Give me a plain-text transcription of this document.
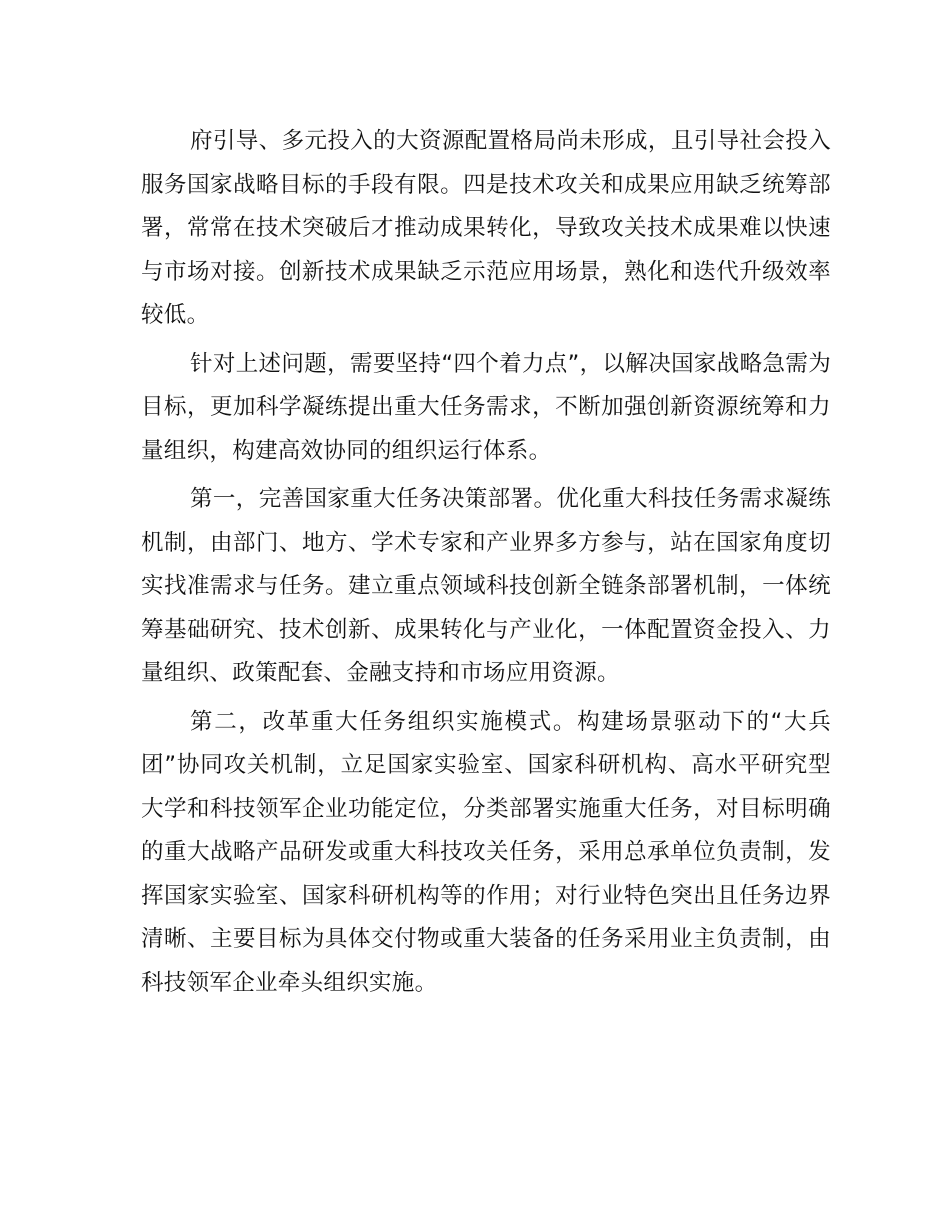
府引导、多元投入的大资源配置格局尚未形成，且引导社会投入服务国家战略目标的手段有限。四是技术攻关和成果应用缺乏统筹部署，常常在技术突破后才推动成果转化，导致攻关技术成果难以快速与市场对接。创新技术成果缺乏示范应用场景，熟化和迭代升级效率较低。

针对上述问题，需要坚持“四个着力点”，以解决国家战略急需为目标，更加科学凝练提出重大任务需求，不断加强创新资源统筹和力量组织，构建高效协同的组织运行体系。

第一，完善国家重大任务决策部署。优化重大科技任务需求凝练机制，由部门、地方、学术专家和产业界多方参与，站在国家角度切实找准需求与任务。建立重点领域科技创新全链条部署机制，一体统筹基础研究、技术创新、成果转化与产业化，一体配置资金投入、力量组织、政策配套、金融支持和市场应用资源。

第二，改革重大任务组织实施模式。构建场景驱动下的“大兵团”协同攻关机制，立足国家实验室、国家科研机构、高水平研究型大学和科技领军企业功能定位，分类部署实施重大任务，对目标明确的重大战略产品研发或重大科技攻关任务，采用总承单位负责制，发挥国家实验室、国家科研机构等的作用；对行业特色突出且任务边界清晰、主要目标为具体交付物或重大装备的任务采用业主负责制，由科技领军企业牵头组织实施。
